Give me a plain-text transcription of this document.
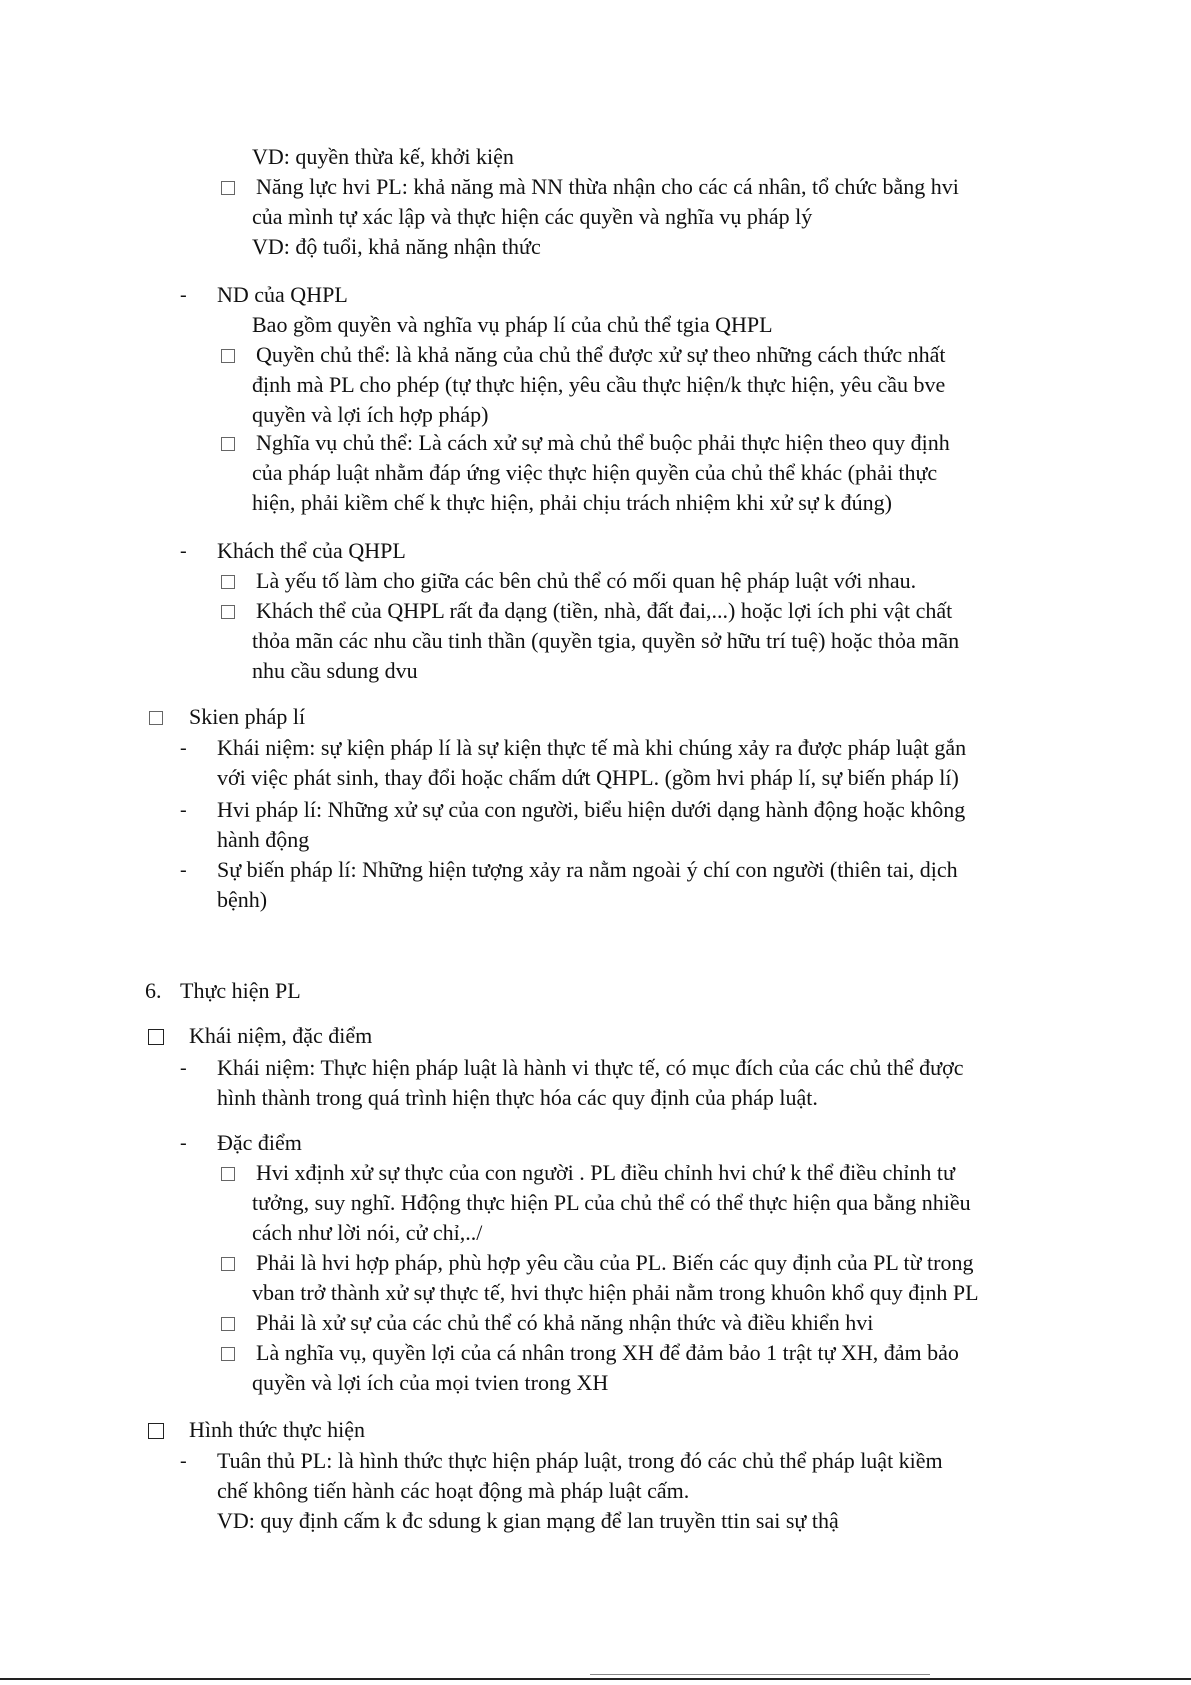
VD: quyền thừa kế, khởi kiện
Năng lực hvi PL: khả năng mà NN thừa nhận cho các cá nhân, tổ chức bằng hvi
của mình tự xác lập và thực hiện các quyền và nghĩa vụ pháp lý
VD: độ tuổi, khả năng nhận thức
- ND của QHPL
Bao gồm quyền và nghĩa vụ pháp lí của chủ thể tgia QHPL
Quyền chủ thể: là khả năng của chủ thể được xử sự theo những cách thức nhất
định mà PL cho phép (tự thực hiện, yêu cầu thực hiện/k thực hiện, yêu cầu bve
quyền và lợi ích hợp pháp)
Nghĩa vụ chủ thể: Là cách xử sự mà chủ thể buộc phải thực hiện theo quy định
của pháp luật nhằm đáp ứng việc thực hiện quyền của chủ thể khác (phải thực
hiện, phải kiềm chế k thực hiện, phải chịu trách nhiệm khi xử sự k đúng)
- Khách thể của QHPL
Là yếu tố làm cho giữa các bên chủ thể có mối quan hệ pháp luật với nhau.
Khách thể của QHPL rất đa dạng (tiền, nhà, đất đai,...) hoặc lợi ích phi vật chất
thỏa mãn các nhu cầu tinh thần (quyền tgia, quyền sở hữu trí tuệ) hoặc thỏa mãn
nhu cầu sdung dvu
Skien pháp lí
- Khái niệm: sự kiện pháp lí là sự kiện thực tế mà khi chúng xảy ra được pháp luật gắn
với việc phát sinh, thay đổi hoặc chấm dứt QHPL. (gồm hvi pháp lí, sự biến pháp lí)
- Hvi pháp lí: Những xử sự của con người, biểu hiện dưới dạng hành động hoặc không
hành động
- Sự biến pháp lí: Những hiện tượng xảy ra nằm ngoài ý chí con người (thiên tai, dịch
bệnh)
6. Thực hiện PL
Khái niệm, đặc điểm
- Khái niệm: Thực hiện pháp luật là hành vi thực tế, có mục đích của các chủ thể được
hình thành trong quá trình hiện thực hóa các quy định của pháp luật.
- Đặc điểm
Hvi xđịnh xử sự thực của con người . PL điều chỉnh hvi chứ k thể điều chỉnh tư
tưởng, suy nghĩ. Hđộng thực hiện PL của chủ thể có thể thực hiện qua bằng nhiều
cách như lời nói, cử chỉ,../
Phải là hvi hợp pháp, phù hợp yêu cầu của PL. Biến các quy định của PL từ trong
vban trở thành xử sự thực tế, hvi thực hiện phải nằm trong khuôn khổ quy định PL
Phải là xử sự của các chủ thể có khả năng nhận thức và điều khiển hvi
Là nghĩa vụ, quyền lợi của cá nhân trong XH để đảm bảo 1 trật tự XH, đảm bảo
quyền và lợi ích của mọi tvien trong XH
Hình thức thực hiện
- Tuân thủ PL: là hình thức thực hiện pháp luật, trong đó các chủ thể pháp luật kiềm
chế không tiến hành các hoạt động mà pháp luật cấm.
VD: quy định cấm k đc sdung k gian mạng để lan truyền ttin sai sự thậ
